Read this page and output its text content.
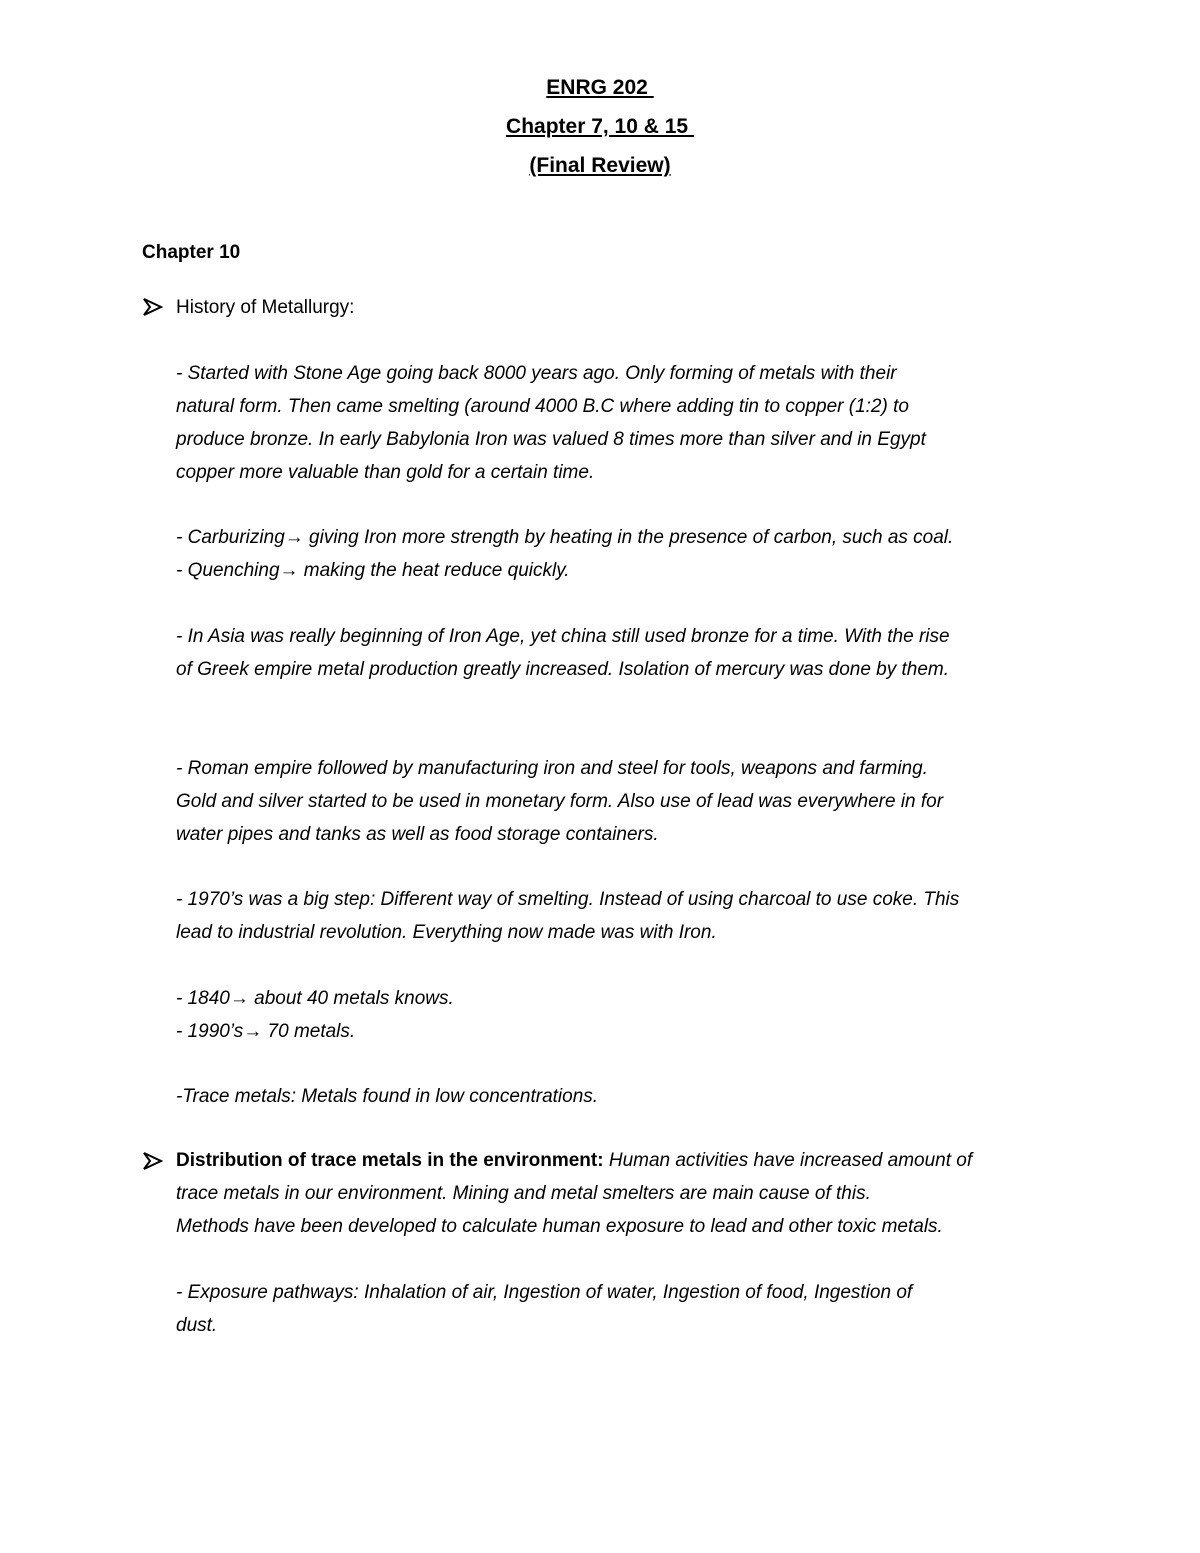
ENRG 202
Chapter 7, 10 & 15
(Final Review)
Chapter 10
History of Metallurgy:
- Started with Stone Age going back 8000 years ago. Only forming of metals with their
natural form. Then came smelting (around 4000 B.C where adding tin to copper (1:2) to
produce bronze. In early Babylonia Iron was valued 8 times more than silver and in Egypt
copper more valuable than gold for a certain time.
- Carburizing→ giving Iron more strength by heating in the presence of carbon, such as coal.
- Quenching→ making the heat reduce quickly.
- In Asia was really beginning of Iron Age, yet china still used bronze for a time. With the rise
of Greek empire metal production greatly increased. Isolation of mercury was done by them.
- Roman empire followed by manufacturing iron and steel for tools, weapons and farming.
Gold and silver started to be used in monetary form. Also use of lead was everywhere in for
water pipes and tanks as well as food storage containers.
- 1970’s was a big step: Different way of smelting. Instead of using charcoal to use coke. This
lead to industrial revolution. Everything now made was with Iron.
- 1840→ about 40 metals knows.
- 1990’s→ 70 metals.
-Trace metals: Metals found in low concentrations.
Distribution of trace metals in the environment: Human activities have increased amount of
trace metals in our environment. Mining and metal smelters are main cause of this.
Methods have been developed to calculate human exposure to lead and other toxic metals.
- Exposure pathways: Inhalation of air, Ingestion of water, Ingestion of food, Ingestion of
dust.
